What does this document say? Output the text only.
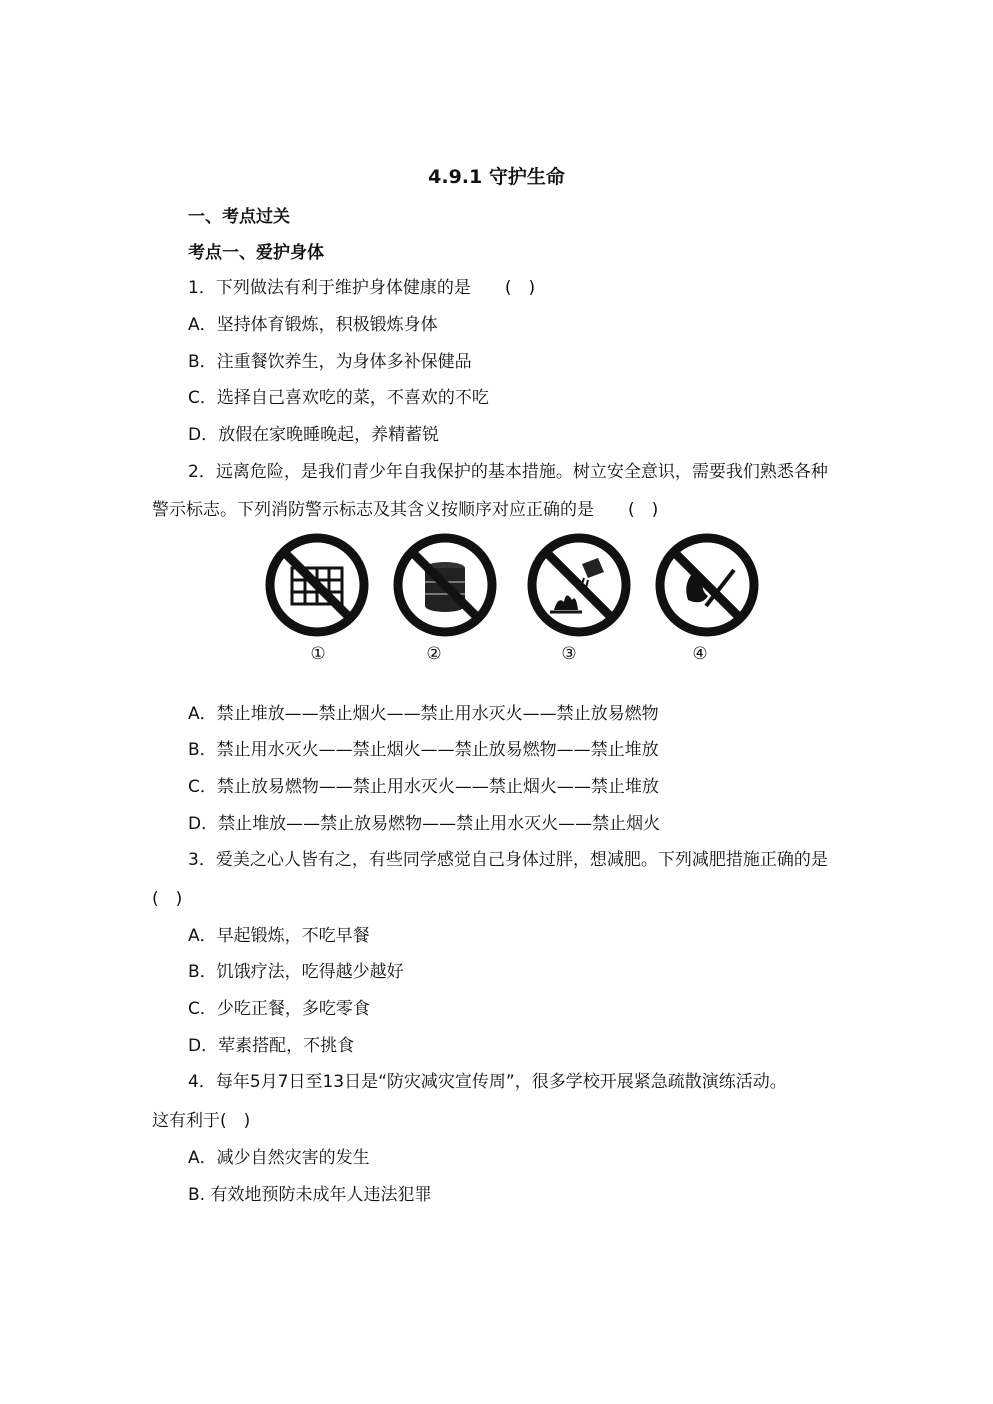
4.9.1 守护生命
一、考点过关
考点一、爱护身体
1．下列做法有利于维护身体健康的是　　(　)
A．坚持体育锻炼，积极锻炼身体
B．注重餐饮养生，为身体多补保健品
C．选择自己喜欢吃的菜，不喜欢的不吃
D．放假在家晚睡晚起，养精蓄锐
2．远离危险，是我们青少年自我保护的基本措施。树立安全意识，需要我们熟悉各种
警示标志。下列消防警示标志及其含义按顺序对应正确的是　　(　)
①	②	③	④
A．禁止堆放——禁止烟火——禁止用水灭火——禁止放易燃物
B．禁止用水灭火——禁止烟火——禁止放易燃物——禁止堆放
C．禁止放易燃物——禁止用水灭火——禁止烟火——禁止堆放
D．禁止堆放——禁止放易燃物——禁止用水灭火——禁止烟火
3．爱美之心人皆有之，有些同学感觉自己身体过胖，想减肥。下列减肥措施正确的是
(　)
A．早起锻炼，不吃早餐
B．饥饿疗法，吃得越少越好
C．少吃正餐，多吃零食
D．荤素搭配，不挑食
4．每年5月7日至13日是“防灾减灾宣传周”，很多学校开展紧急疏散演练活动。
这有利于(　)
A．减少自然灾害的发生
B. 有效地预防未成年人违法犯罪
